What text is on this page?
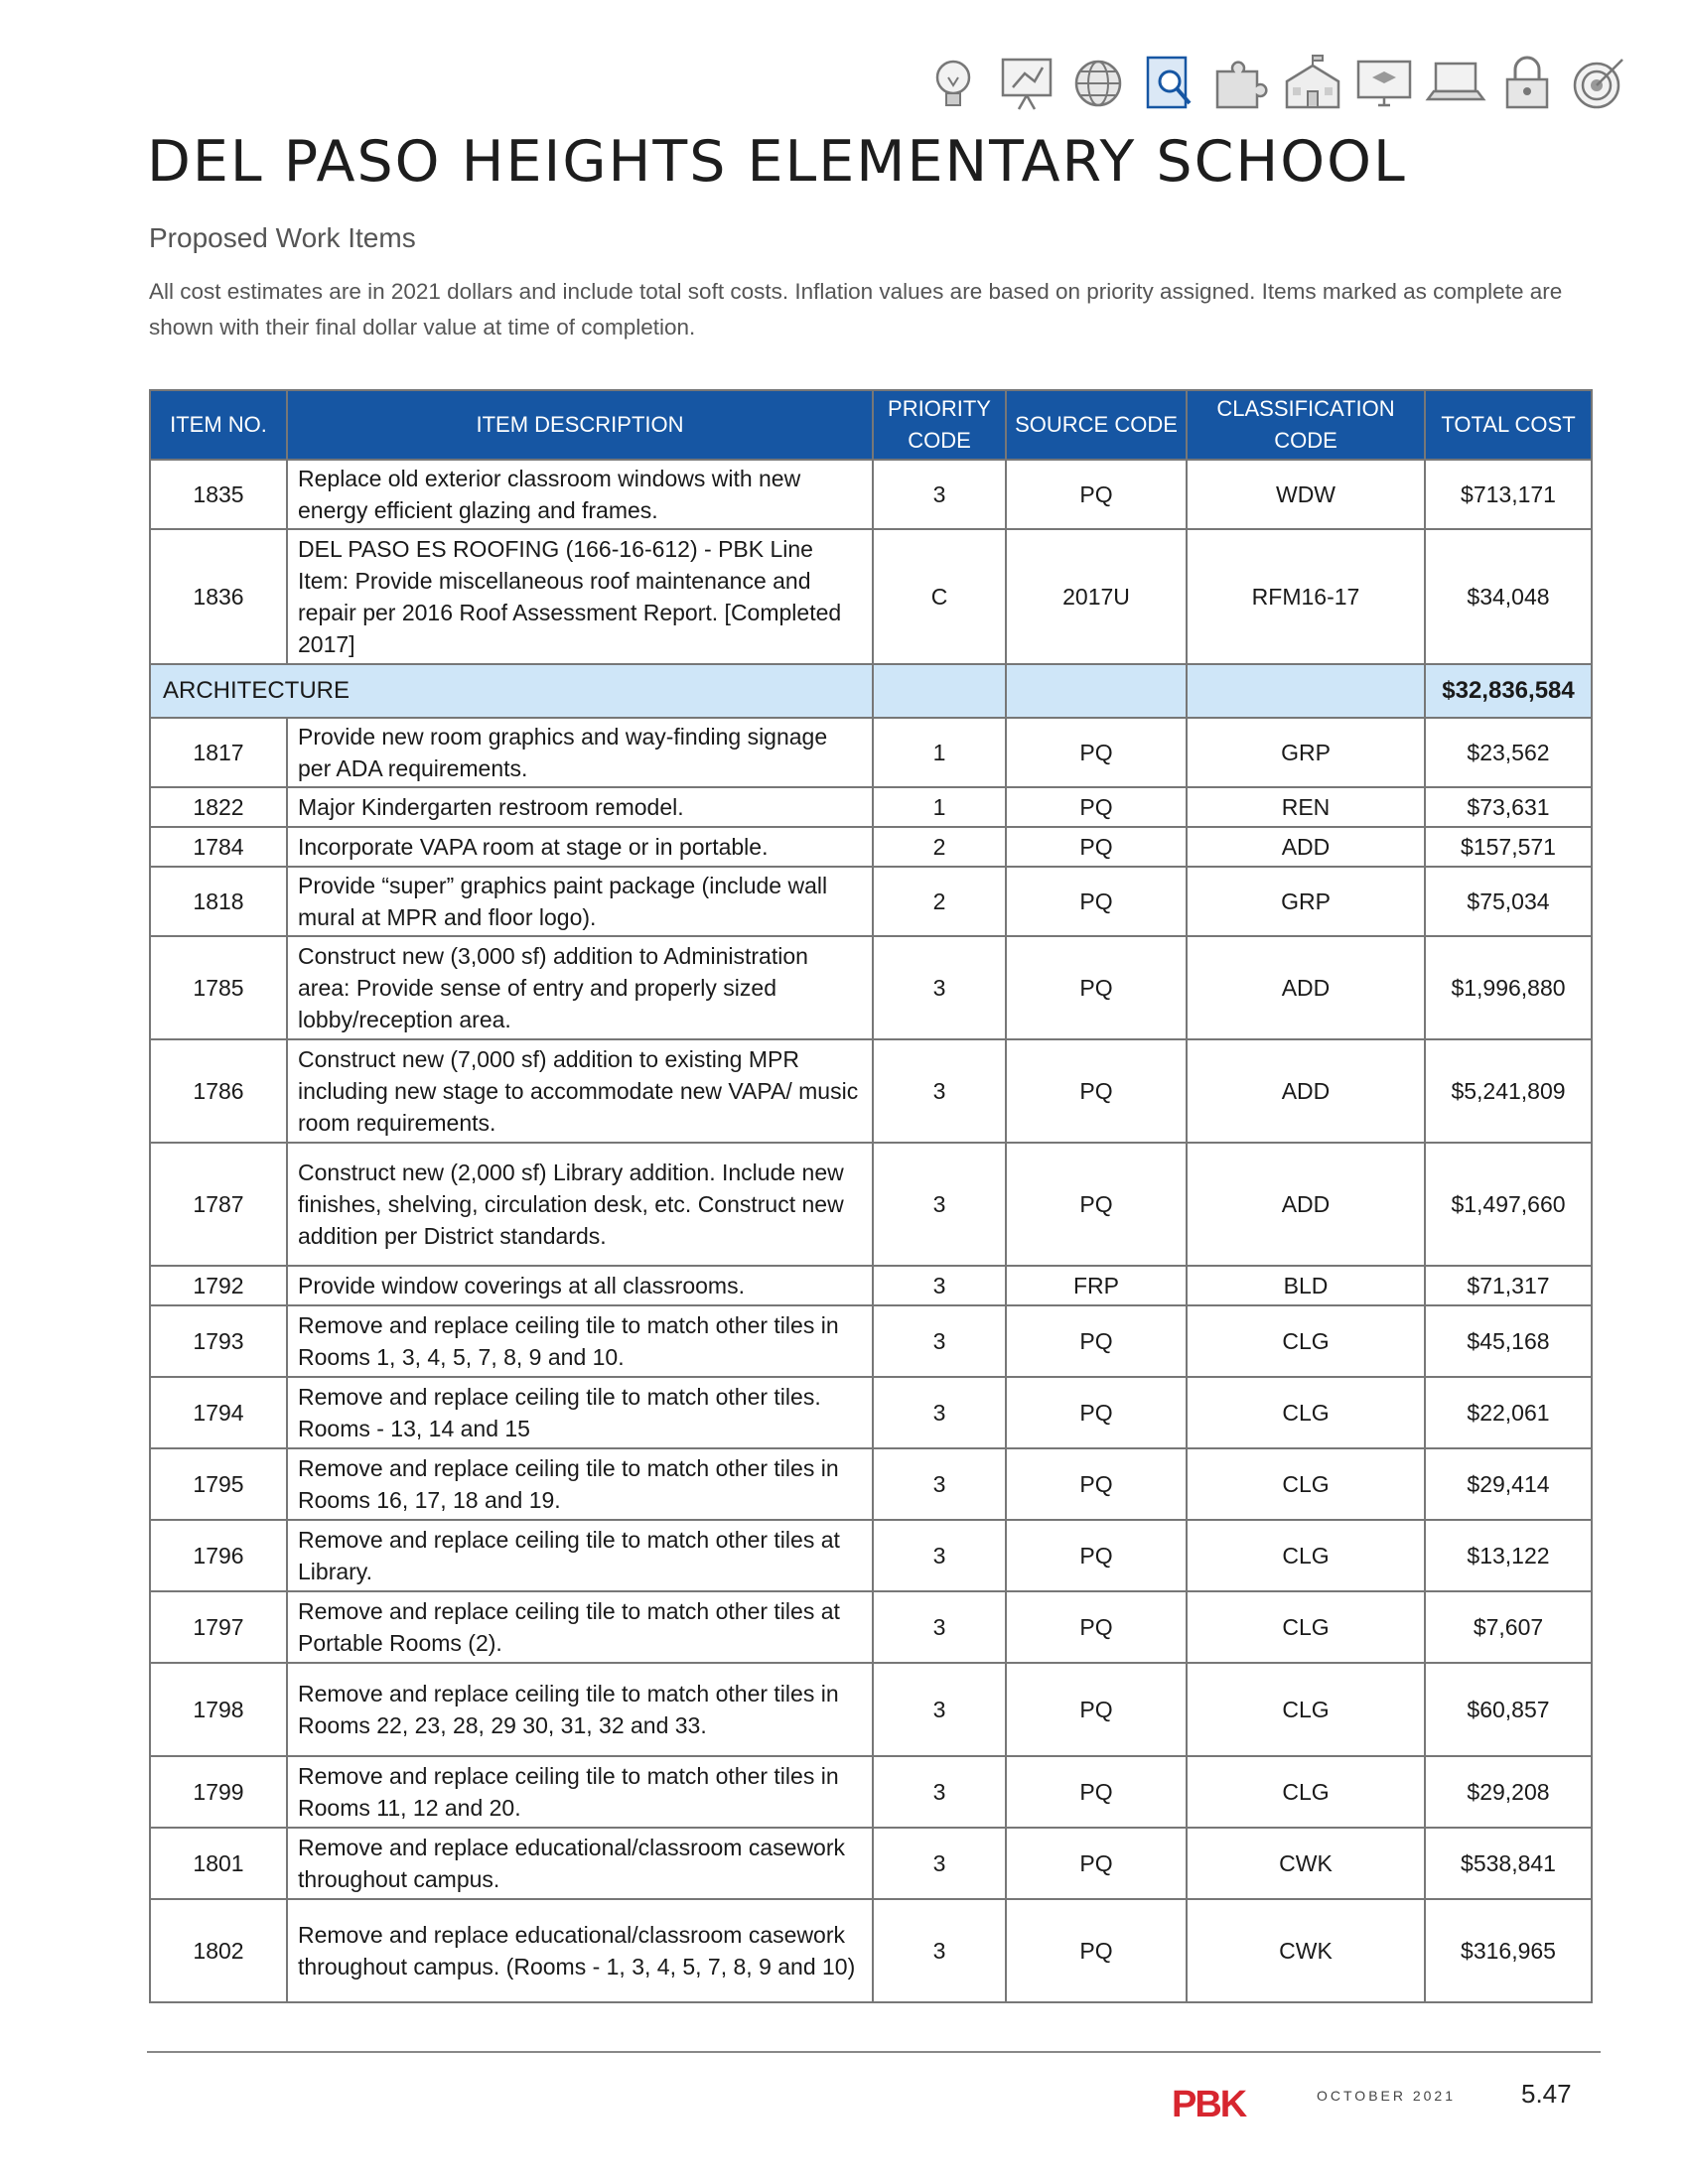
DEL PASO HEIGHTS ELEMENTARY SCHOOL
Proposed Work Items
All cost estimates are in 2021 dollars and include total soft costs. Inflation values are based on priority assigned. Items marked as complete are shown with their final dollar value at time of completion.
ITEM NO.	ITEM DESCRIPTION	PRIORITY CODE	SOURCE CODE	CLASSIFICATION CODE	TOTAL COST
1835	Replace old exterior classroom windows with new energy efficient glazing and frames.	3	PQ	WDW	$713,171
1836	DEL PASO ES ROOFING (166-16-612) - PBK Line Item: Provide miscellaneous roof maintenance and repair per 2016 Roof Assessment Report. [Completed 2017]	C	2017U	RFM16-17	$34,048
ARCHITECTURE					$32,836,584
1817	Provide new room graphics and way-finding signage per ADA requirements.	1	PQ	GRP	$23,562
1822	Major Kindergarten restroom remodel.	1	PQ	REN	$73,631
1784	Incorporate VAPA room at stage or in portable.	2	PQ	ADD	$157,571
1818	Provide “super” graphics paint package (include wall mural at MPR and floor logo).	2	PQ	GRP	$75,034
1785	Construct new (3,000 sf) addition to Administration area: Provide sense of entry and properly sized lobby/reception area.	3	PQ	ADD	$1,996,880
1786	Construct new (7,000 sf) addition to existing MPR including new stage to accommodate new VAPA/ music room requirements.	3	PQ	ADD	$5,241,809
1787	Construct new (2,000 sf) Library addition. Include new finishes, shelving, circulation desk, etc. Construct new addition per District standards.	3	PQ	ADD	$1,497,660
1792	Provide window coverings at all classrooms.	3	FRP	BLD	$71,317
1793	Remove and replace ceiling tile to match other tiles in Rooms 1, 3, 4, 5, 7, 8, 9 and 10.	3	PQ	CLG	$45,168
1794	Remove and replace ceiling tile to match other tiles. Rooms - 13, 14 and 15	3	PQ	CLG	$22,061
1795	Remove and replace ceiling tile to match other tiles in Rooms 16, 17, 18 and 19.	3	PQ	CLG	$29,414
1796	Remove and replace ceiling tile to match other tiles at Library.	3	PQ	CLG	$13,122
1797	Remove and replace ceiling tile to match other tiles at Portable Rooms (2).	3	PQ	CLG	$7,607
1798	Remove and replace ceiling tile to match other tiles in Rooms 22, 23, 28, 29 30, 31, 32 and 33.	3	PQ	CLG	$60,857
1799	Remove and replace ceiling tile to match other tiles in Rooms 11, 12 and 20.	3	PQ	CLG	$29,208
1801	Remove and replace educational/classroom casework throughout campus.	3	PQ	CWK	$538,841
1802	Remove and replace educational/classroom casework throughout campus. (Rooms - 1, 3, 4, 5, 7, 8, 9 and 10)	3	PQ	CWK	$316,965
PBK	OCTOBER 2021	5.47
